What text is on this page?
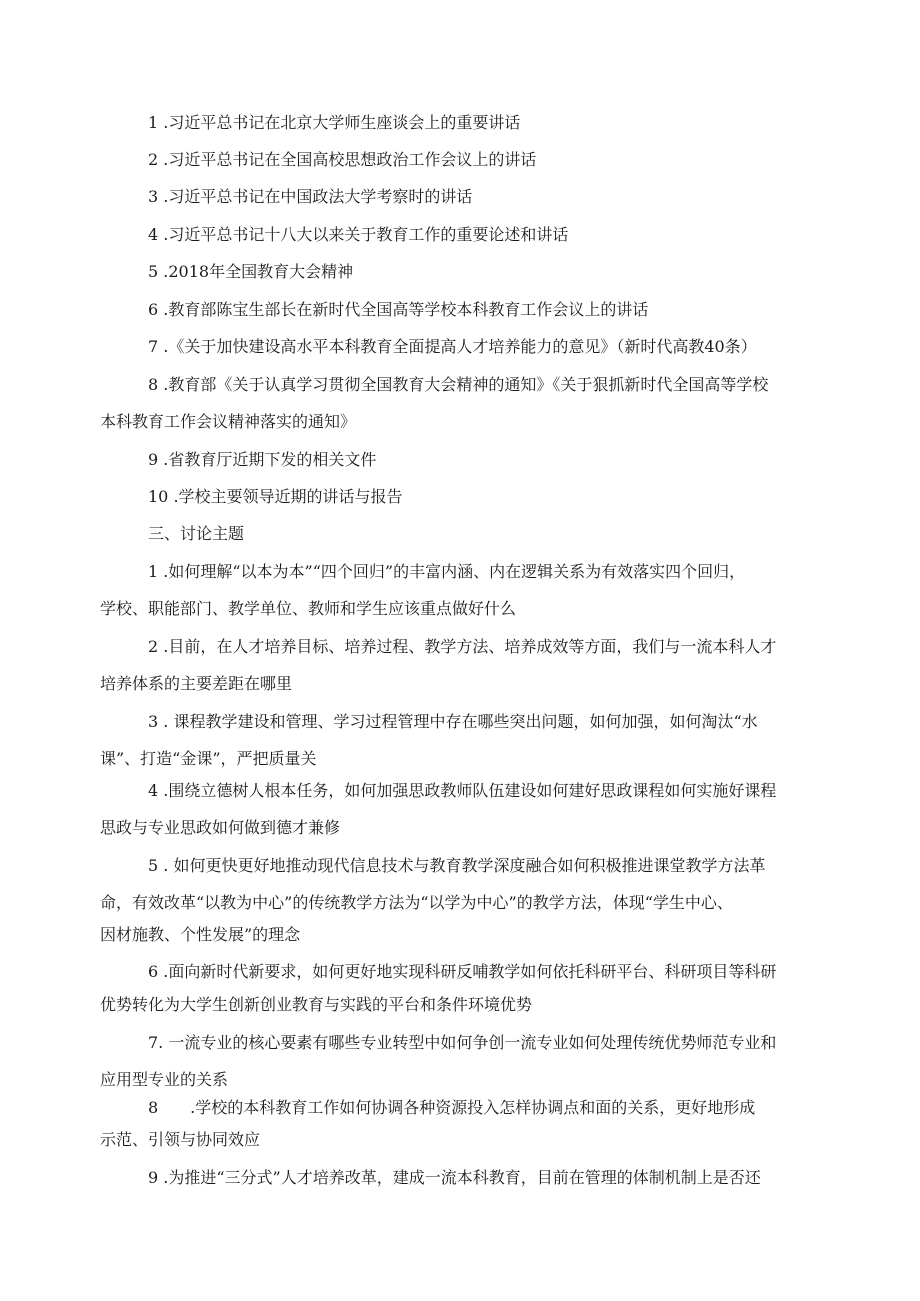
1 .习近平总书记在北京大学师生座谈会上的重要讲话
2 .习近平总书记在全国高校思想政治工作会议上的讲话
3 .习近平总书记在中国政法大学考察时的讲话
4 .习近平总书记十八大以来关于教育工作的重要论述和讲话
5 .2018年全国教育大会精神
6 .教育部陈宝生部长在新时代全国高等学校本科教育工作会议上的讲话
7 .《关于加快建设高水平本科教育全面提高人才培养能力的意见》（新时代高教40条）
8 .教育部《关于认真学习贯彻全国教育大会精神的通知》《关于狠抓新时代全国高等学校
本科教育工作会议精神落实的通知》
9 .省教育厅近期下发的相关文件
10 .学校主要领导近期的讲话与报告
三、讨论主题
1 .如何理解“以本为本”“四个回归”的丰富内涵、内在逻辑关系为有效落实四个回归，
学校、职能部门、教学单位、教师和学生应该重点做好什么
2 .目前，在人才培养目标、培养过程、教学方法、培养成效等方面，我们与一流本科人才
培养体系的主要差距在哪里
3 . 课程教学建设和管理、学习过程管理中存在哪些突出问题，如何加强，如何淘汰“水
课”、打造“金课”，严把质量关
4 .围绕立德树人根本任务，如何加强思政教师队伍建设如何建好思政课程如何实施好课程
思政与专业思政如何做到德才兼修
5 . 如何更快更好地推动现代信息技术与教育教学深度融合如何积极推进课堂教学方法革
命，有效改革“以教为中心”的传统教学方法为“以学为中心”的教学方法，体现“学生中心、
因材施教、个性发展”的理念
6 .面向新时代新要求，如何更好地实现科研反哺教学如何依托科研平台、科研项目等科研
优势转化为大学生创新创业教育与实践的平台和条件环境优势
7. 一流专业的核心要素有哪些专业转型中如何争创一流专业如何处理传统优势师范专业和
应用型专业的关系
8　　.学校的本科教育工作如何协调各种资源投入怎样协调点和面的关系，更好地形成
示范、引领与协同效应
9 .为推进“三分式”人才培养改革，建成一流本科教育，目前在管理的体制机制上是否还
